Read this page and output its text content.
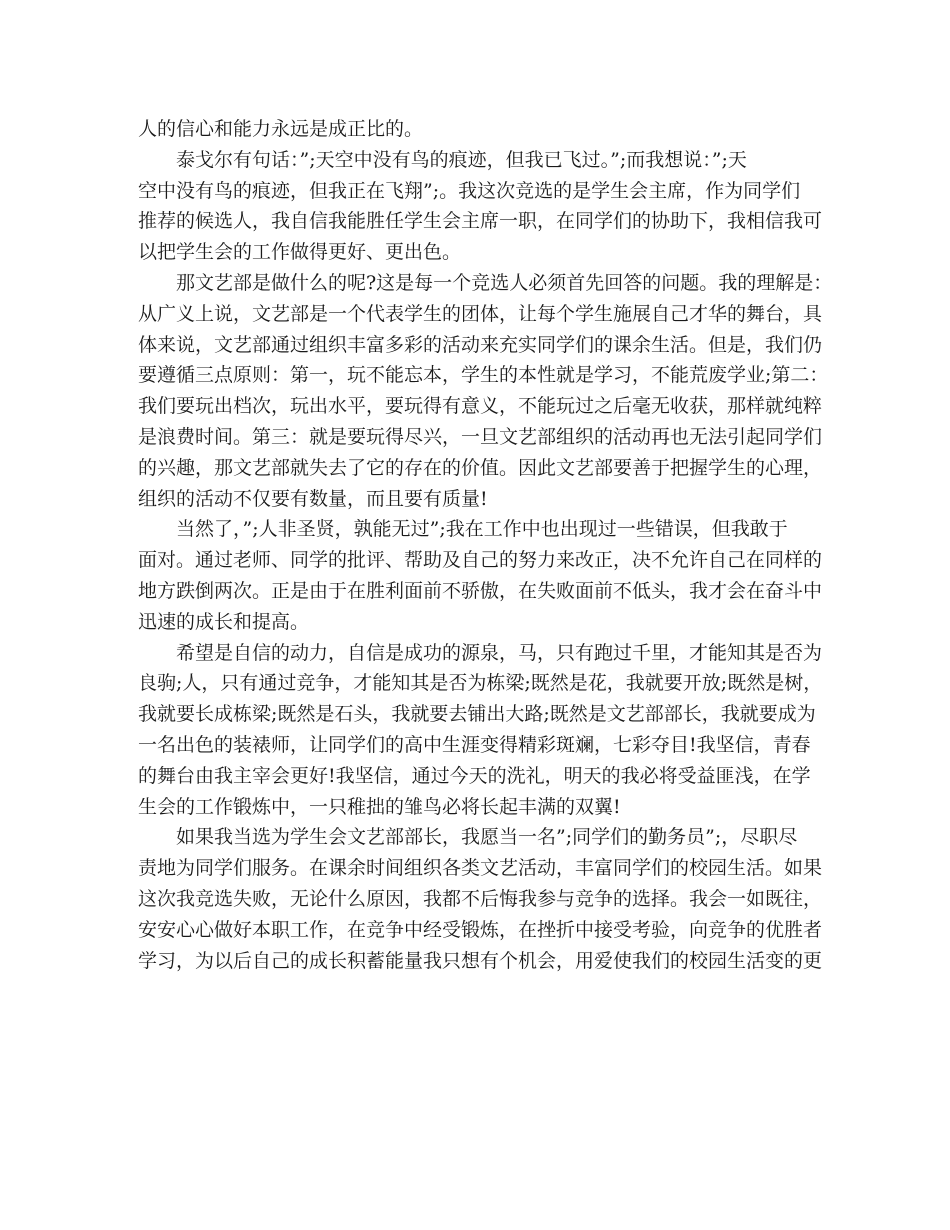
人的信心和能力永远是成正比的。
泰戈尔有句话：”;天空中没有鸟的痕迹，但我已飞过。”;而我想说：”;天
空中没有鸟的痕迹，但我正在飞翔”;。我这次竞选的是学生会主席，作为同学们
推荐的候选人，我自信我能胜任学生会主席一职，在同学们的协助下，我相信我可
以把学生会的工作做得更好、更出色。
那文艺部是做什么的呢?这是每一个竞选人必须首先回答的问题。我的理解是：
从广义上说，文艺部是一个代表学生的团体，让每个学生施展自己才华的舞台，具
体来说，文艺部通过组织丰富多彩的活动来充实同学们的课余生活。但是，我们仍
要遵循三点原则：第一，玩不能忘本，学生的本性就是学习，不能荒废学业;第二：
我们要玩出档次，玩出水平，要玩得有意义，不能玩过之后毫无收获，那样就纯粹
是浪费时间。第三：就是要玩得尽兴，一旦文艺部组织的活动再也无法引起同学们
的兴趣，那文艺部就失去了它的存在的价值。因此文艺部要善于把握学生的心理，
组织的活动不仅要有数量，而且要有质量!
当然了，”;人非圣贤，孰能无过”;我在工作中也出现过一些错误，但我敢于
面对。通过老师、同学的批评、帮助及自己的努力来改正，决不允许自己在同样的
地方跌倒两次。正是由于在胜利面前不骄傲，在失败面前不低头，我才会在奋斗中
迅速的成长和提高。
希望是自信的动力，自信是成功的源泉，马，只有跑过千里，才能知其是否为
良驹;人，只有通过竞争，才能知其是否为栋梁;既然是花，我就要开放;既然是树，
我就要长成栋梁;既然是石头，我就要去铺出大路;既然是文艺部部长，我就要成为
一名出色的装裱师，让同学们的高中生涯变得精彩斑斓，七彩夺目!我坚信，青春
的舞台由我主宰会更好!我坚信，通过今天的洗礼，明天的我必将受益匪浅，在学
生会的工作锻炼中，一只稚拙的雏鸟必将长起丰满的双翼!
如果我当选为学生会文艺部部长，我愿当一名”;同学们的勤务员”;，尽职尽
责地为同学们服务。在课余时间组织各类文艺活动，丰富同学们的校园生活。如果
这次我竞选失败，无论什么原因，我都不后悔我参与竞争的选择。我会一如既往，
安安心心做好本职工作，在竞争中经受锻炼，在挫折中接受考验，向竞争的优胜者
学习，为以后自己的成长积蓄能量我只想有个机会，用爱使我们的校园生活变的更
